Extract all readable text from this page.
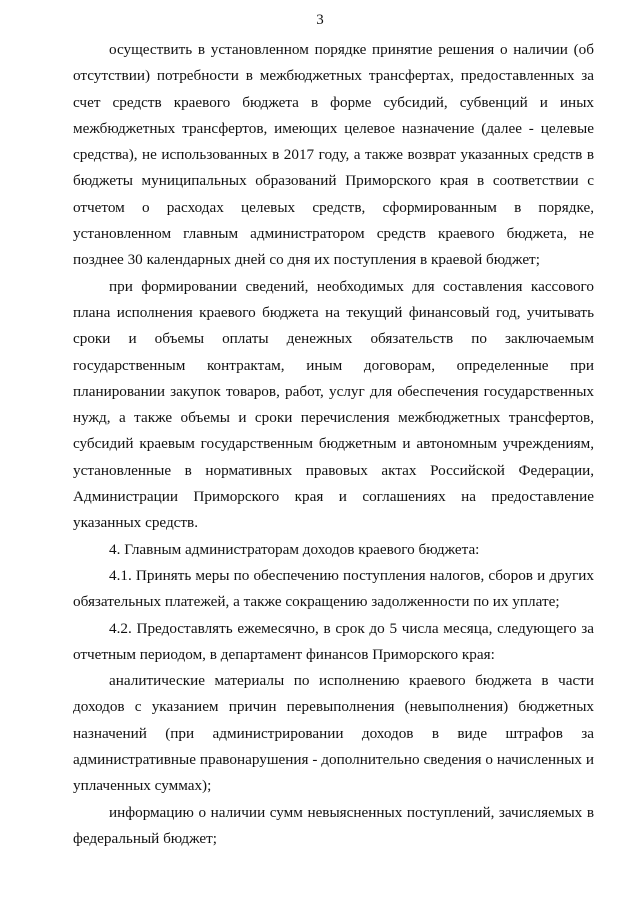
3

осуществить в установленном порядке принятие решения о наличии (об отсутствии) потребности в межбюджетных трансфертах, предоставленных за счет средств краевого бюджета в форме субсидий, субвенций и иных межбюджетных трансфертов, имеющих целевое назначение (далее - целевые средства), не использованных в 2017 году, а также возврат указанных средств в бюджеты муниципальных образований Приморского края в соответствии с отчетом о расходах целевых средств, сформированным в порядке, установленном главным администратором средств краевого бюджета, не позднее 30 календарных дней со дня их поступления в краевой бюджет;

при формировании сведений, необходимых для составления кассового плана исполнения краевого бюджета на текущий финансовый год, учитывать сроки и объемы оплаты денежных обязательств по заключаемым государственным контрактам, иным договорам, определенные при планировании закупок товаров, работ, услуг для обеспечения государственных нужд, а также объемы и сроки перечисления межбюджетных трансфертов, субсидий краевым государственным бюджетным и автономным учреждениям, установленные в нормативных правовых актах Российской Федерации, Администрации Приморского края и соглашениях на предоставление указанных средств.

4. Главным администраторам доходов краевого бюджета:

4.1. Принять меры по обеспечению поступления налогов, сборов и других обязательных платежей, а также сокращению задолженности по их уплате;

4.2. Предоставлять ежемесячно, в срок до 5 числа месяца, следующего за отчетным периодом, в департамент финансов Приморского края:

аналитические материалы по исполнению краевого бюджета в части доходов с указанием причин перевыполнения (невыполнения) бюджетных назначений (при администрировании доходов в виде штрафов за административные правонарушения - дополнительно сведения о начисленных и уплаченных суммах);

информацию о наличии сумм невыясненных поступлений, зачисляемых в федеральный бюджет;
